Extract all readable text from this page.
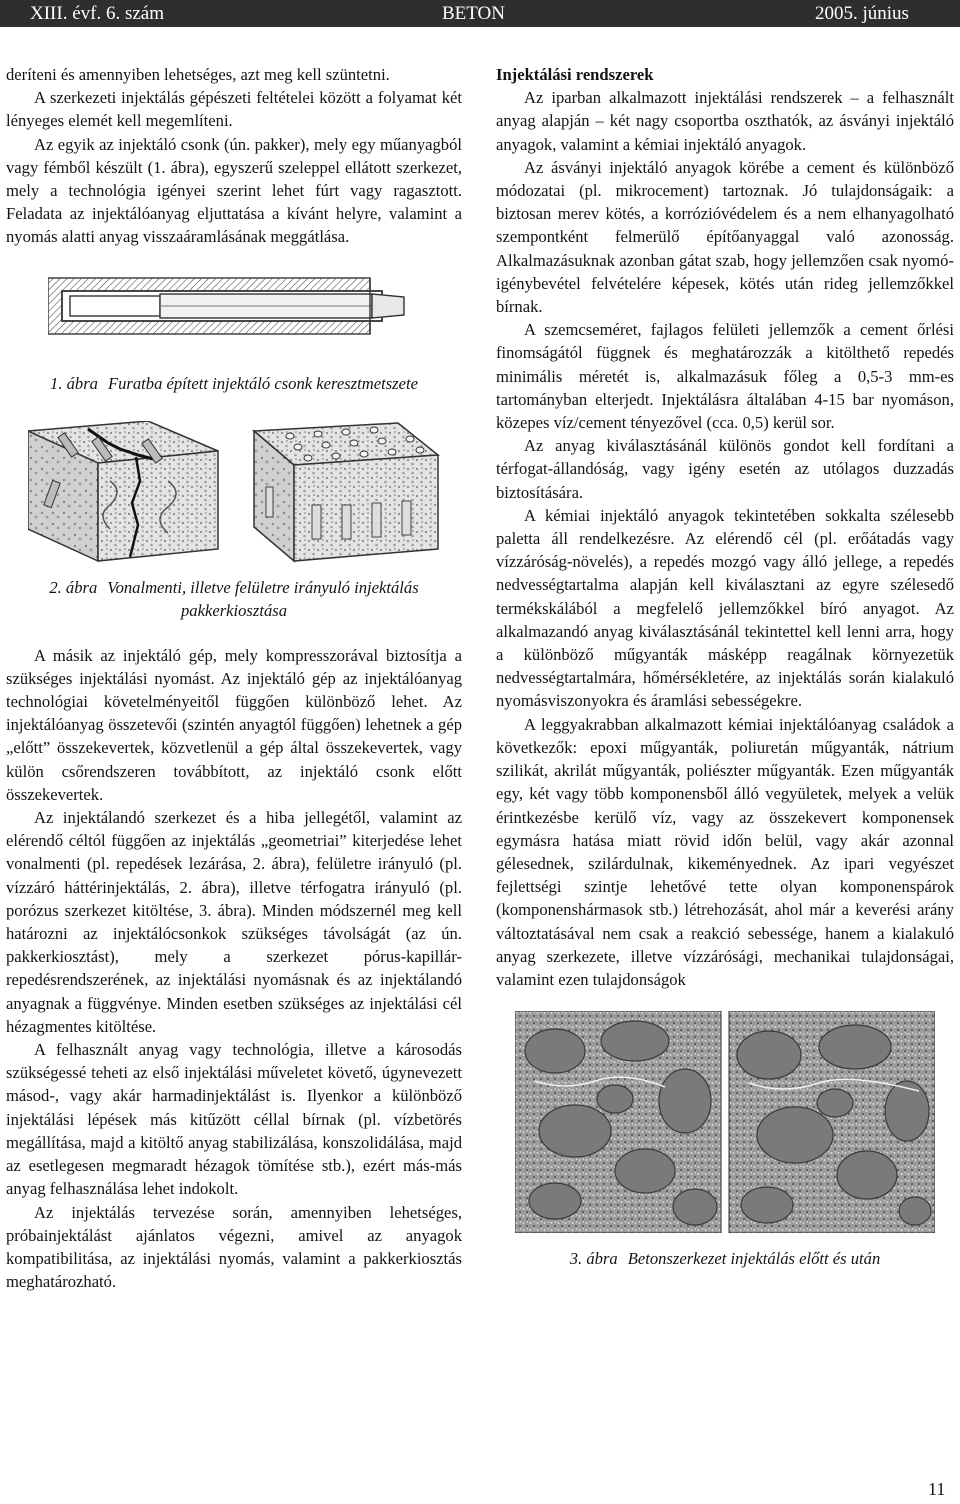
XIII. évf. 6. szám	BETON	2005. június

deríteni és amennyiben lehetséges, azt meg kell szüntetni.

A szerkezeti injektálás gépészeti feltételei között a folyamat két lényeges elemét kell megemlíteni.

Az egyik az injektáló csonk (ún. pakker), mely egy műanyagból vagy fémből készült (1. ábra), egyszerű szeleppel ellátott szerkezet, mely a technológia igényei szerint lehet fúrt vagy ragasztott. Feladata az injektálóanyag eljuttatása a kívánt helyre, valamint a nyomás alatti anyag visszaáramlásának meggátlása.

1. ábra Furatba épített injektáló csonk keresztmetszete
2. ábra Vonalmenti, illetve felületre irányuló injektálás pakkerkiosztása

A másik az injektáló gép, mely kompresszorával biztosítja a szükséges injektálási nyomást. Az injektáló gép az injektálóanyag technológiai követelményeitől függően különböző lehet. Az injektálóanyag összetevői (szintén anyagtól függően) lehetnek a gép „előtt” összekevertek, közvetlenül a gép által összekevertek, vagy külön csőrendszeren továbbított, az injektáló csonk előtt összekevertek.

Az injektálandó szerkezet és a hiba jellegétől, valamint az elérendő céltól függően az injektálás „geometriai” kiterjedése lehet vonalmenti (pl. repedések lezárása, 2. ábra), felületre irányuló (pl. vízzáró háttérinjektálás, 2. ábra), illetve térfogatra irányuló (pl. porózus szerkezet kitöltése, 3. ábra). Minden módszernél meg kell határozni az injektálócsonkok szükséges távolságát (az ún. pakkerkiosztást), mely a szerkezet pórus-kapillár-repedésrendszerének, az injektálási nyomásnak és az injektálandó anyagnak a függvénye. Minden esetben szükséges az injektálási cél hézagmentes kitöltése.

A felhasznált anyag vagy technológia, illetve a károsodás szükségessé teheti az első injektálási műveletet követő, úgynevezett másod-, vagy akár harmadinjektálást is. Ilyenkor a különböző injektálási lépések más kitűzött céllal bírnak (pl. vízbetörés megállítása, majd a kitöltő anyag stabilizálása, konszolidálása, majd az esetlegesen megmaradt hézagok tömítése stb.), ezért más-más anyag felhasználása lehet indokolt.

Az injektálás tervezése során, amennyiben lehetséges, próbainjektálást ajánlatos végezni, amivel az anyagok kompatibilitása, az injektálási nyomás, valamint a pakkerkiosztás meghatározható.

Injektálási rendszerek

Az iparban alkalmazott injektálási rendszerek – a felhasznált anyag alapján – két nagy csoportba oszthatók, az ásványi injektáló anyagok, valamint a kémiai injektáló anyagok.

Az ásványi injektáló anyagok körébe a cement és különböző módozatai (pl. mikrocement) tartoznak. Jó tulajdonságaik: a biztosan merev kötés, a korrózióvédelem és a nem elhanyagolható szempontként felmerülő építőanyaggal való azonosság. Alkalmazásuknak azonban gátat szab, hogy jellemzően csak nyomó-igénybevétel felvételére képesek, kötés után rideg jellemzőkkel bírnak.

A szemcseméret, fajlagos felületi jellemzők a cement őrlési finomságától függnek és meghatározzák a kitölthető repedés minimális méretét is, alkalmazásuk főleg a 0,5-3 mm-es tartományban elterjedt. Injektálásra általában 4-15 bar nyomáson, közepes víz/cement tényezővel (cca. 0,5) kerül sor.

Az anyag kiválasztásánál különös gondot kell fordítani a térfogat-állandóság, vagy igény esetén az utólagos duzzadás biztosítására.

A kémiai injektáló anyagok tekintetében sokkalta szélesebb paletta áll rendelkezésre. Az elérendő cél (pl. erőátadás vagy vízzáróság-növelés), a repedés mozgó vagy álló jellege, a repedés nedvességtartalma alapján kell kiválasztani az egyre szélesedő termékskálából a megfelelő jellemzőkkel bíró anyagot. Az alkalmazandó anyag kiválasztásánál tekintettel kell lenni arra, hogy a különböző műgyanták másképp reagálnak környezetük nedvességtartalmára, hőmérsékletére, az injektálás során kialakuló nyomásviszonyokra és áramlási sebességekre.

A leggyakrabban alkalmazott kémiai injektálóanyag családok a következők: epoxi műgyanták, poliuretán műgyanták, nátrium szilikát, akrilát műgyanták, poliészter műgyanták. Ezen műgyanták egy, két vagy több komponensből álló vegyületek, melyek a velük érintkezésbe kerülő víz, vagy az összekevert komponensek egymásra hatása miatt rövid időn belül, vagy akár azonnal gélesednek, szilárdulnak, kikeményednek. Az ipari vegyészet fejlettségi szintje lehetővé tette olyan komponenspárok (komponenshármasok stb.) létrehozását, ahol már a keverési arány változtatásával nem csak a reakció sebessége, hanem a kialakuló anyag szerkezete, illetve vízzárósági, mechanikai tulajdonságai, valamint ezen tulajdonságok

3. ábra Betonszerkezet injektálás előtt és után
11
